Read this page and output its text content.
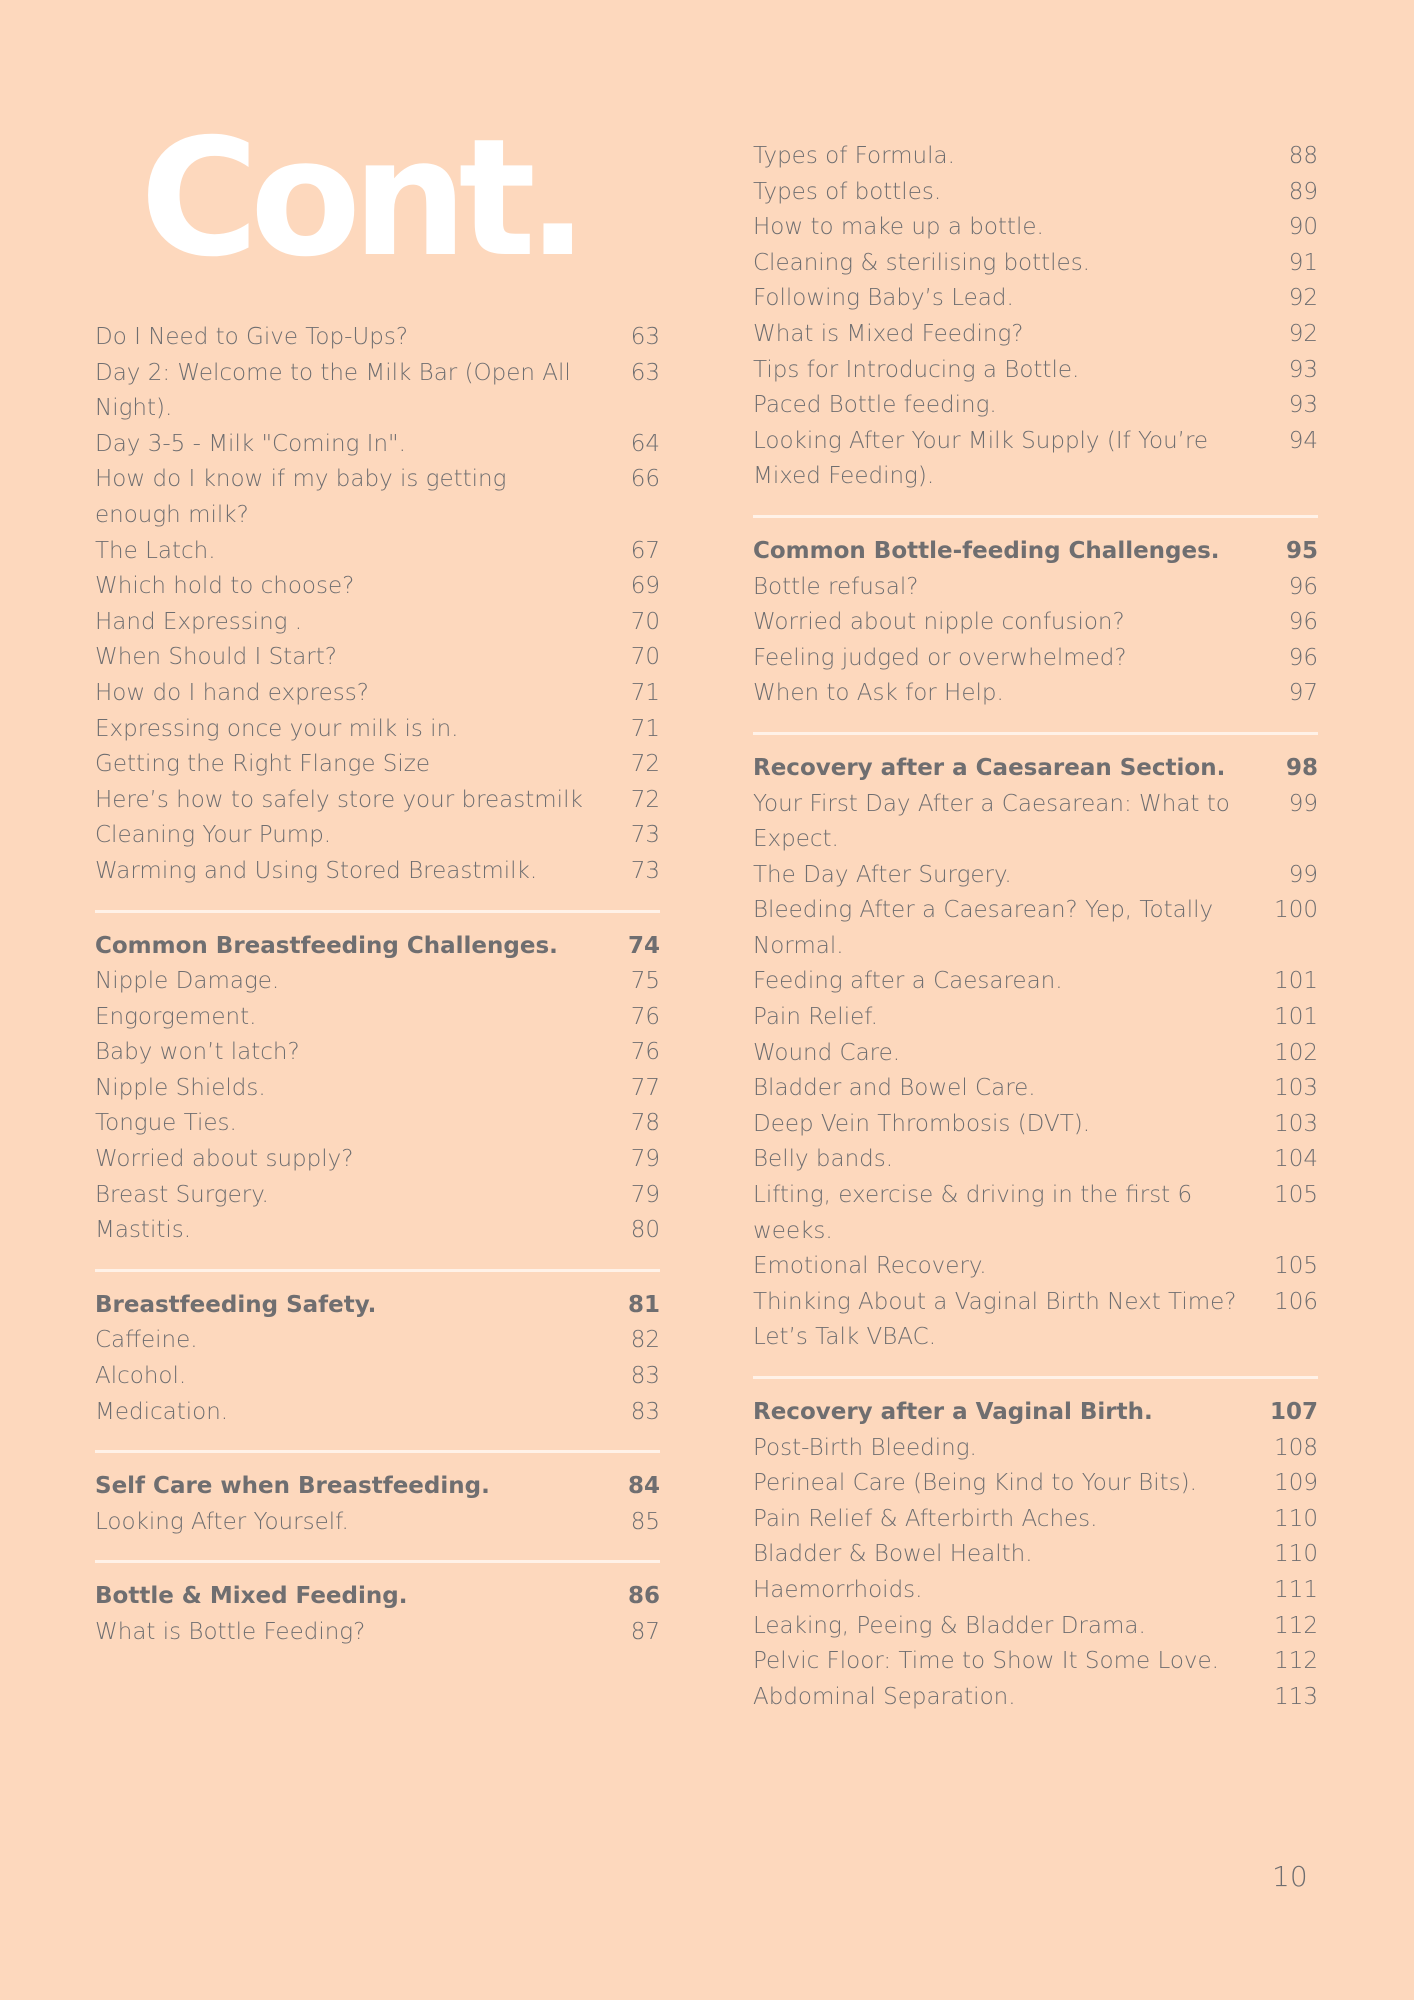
Cont.
Do I Need to Give Top-Ups?	63
Day 2: Welcome to the Milk Bar (Open All Night).
63
Day 3-5 - Milk "Coming In".	64
How do I know if my baby is getting enough milk?
66
The Latch.	67
Which hold to choose?	69
Hand Expressing .	70
When Should I Start?	70
How do I hand express?	71
Expressing once your milk is in.	71
Getting the Right Flange Size	72
Here’s how to safely store your breastmilk	72
Cleaning Your Pump.	73
Warming and Using Stored Breastmilk.	73
Common Breastfeeding Challenges.	74
Nipple Damage.	75
Engorgement.	76
Baby won’t latch?	76
Nipple Shields.	77
Tongue Ties.	78
Worried about supply?	79
Breast Surgery.	79
Mastitis.	80
Breastfeeding Safety.	81
Caffeine.	82
Alcohol.	83
Medication.	83
Self Care when Breastfeeding.	84
Looking After Yourself.	85
Bottle & Mixed Feeding.	86
What is Bottle Feeding?	87
Types of Formula.	88
Types of bottles.	89
How to make up a bottle.	90
Cleaning & sterilising bottles.	91
Following Baby’s Lead.	92
What is Mixed Feeding?	92
Tips for Introducing a Bottle.	93
Paced Bottle feeding.	93
Looking After Your Milk Supply (If You’re Mixed Feeding).
94
Common Bottle-feeding Challenges.	95
Bottle refusal?	96
Worried about nipple confusion?	96
Feeling judged or overwhelmed?	96
When to Ask for Help.	97
Recovery after a Caesarean Section.	98
Your First Day After a Caesarean: What to Expect.
99
The Day After Surgery.	99
Bleeding After a Caesarean? Yep, Totally Normal.
100
Feeding after a Caesarean.	101
Pain Relief.	101
Wound Care.	102
Bladder and Bowel Care.	103
Deep Vein Thrombosis (DVT).	103
Belly bands.	104
Lifting, exercise & driving in the first 6 weeks.
105
Emotional Recovery.	105
Thinking About a Vaginal Birth Next Time? Let’s Talk VBAC.
106
Recovery after a Vaginal Birth.	107
Post-Birth Bleeding.	108
Perineal Care (Being Kind to Your Bits).	109
Pain Relief & Afterbirth Aches.	110
Bladder & Bowel Health.	110
Haemorrhoids.	111
Leaking, Peeing & Bladder Drama.	112
Pelvic Floor: Time to Show It Some Love.	112
Abdominal Separation.	113
10
